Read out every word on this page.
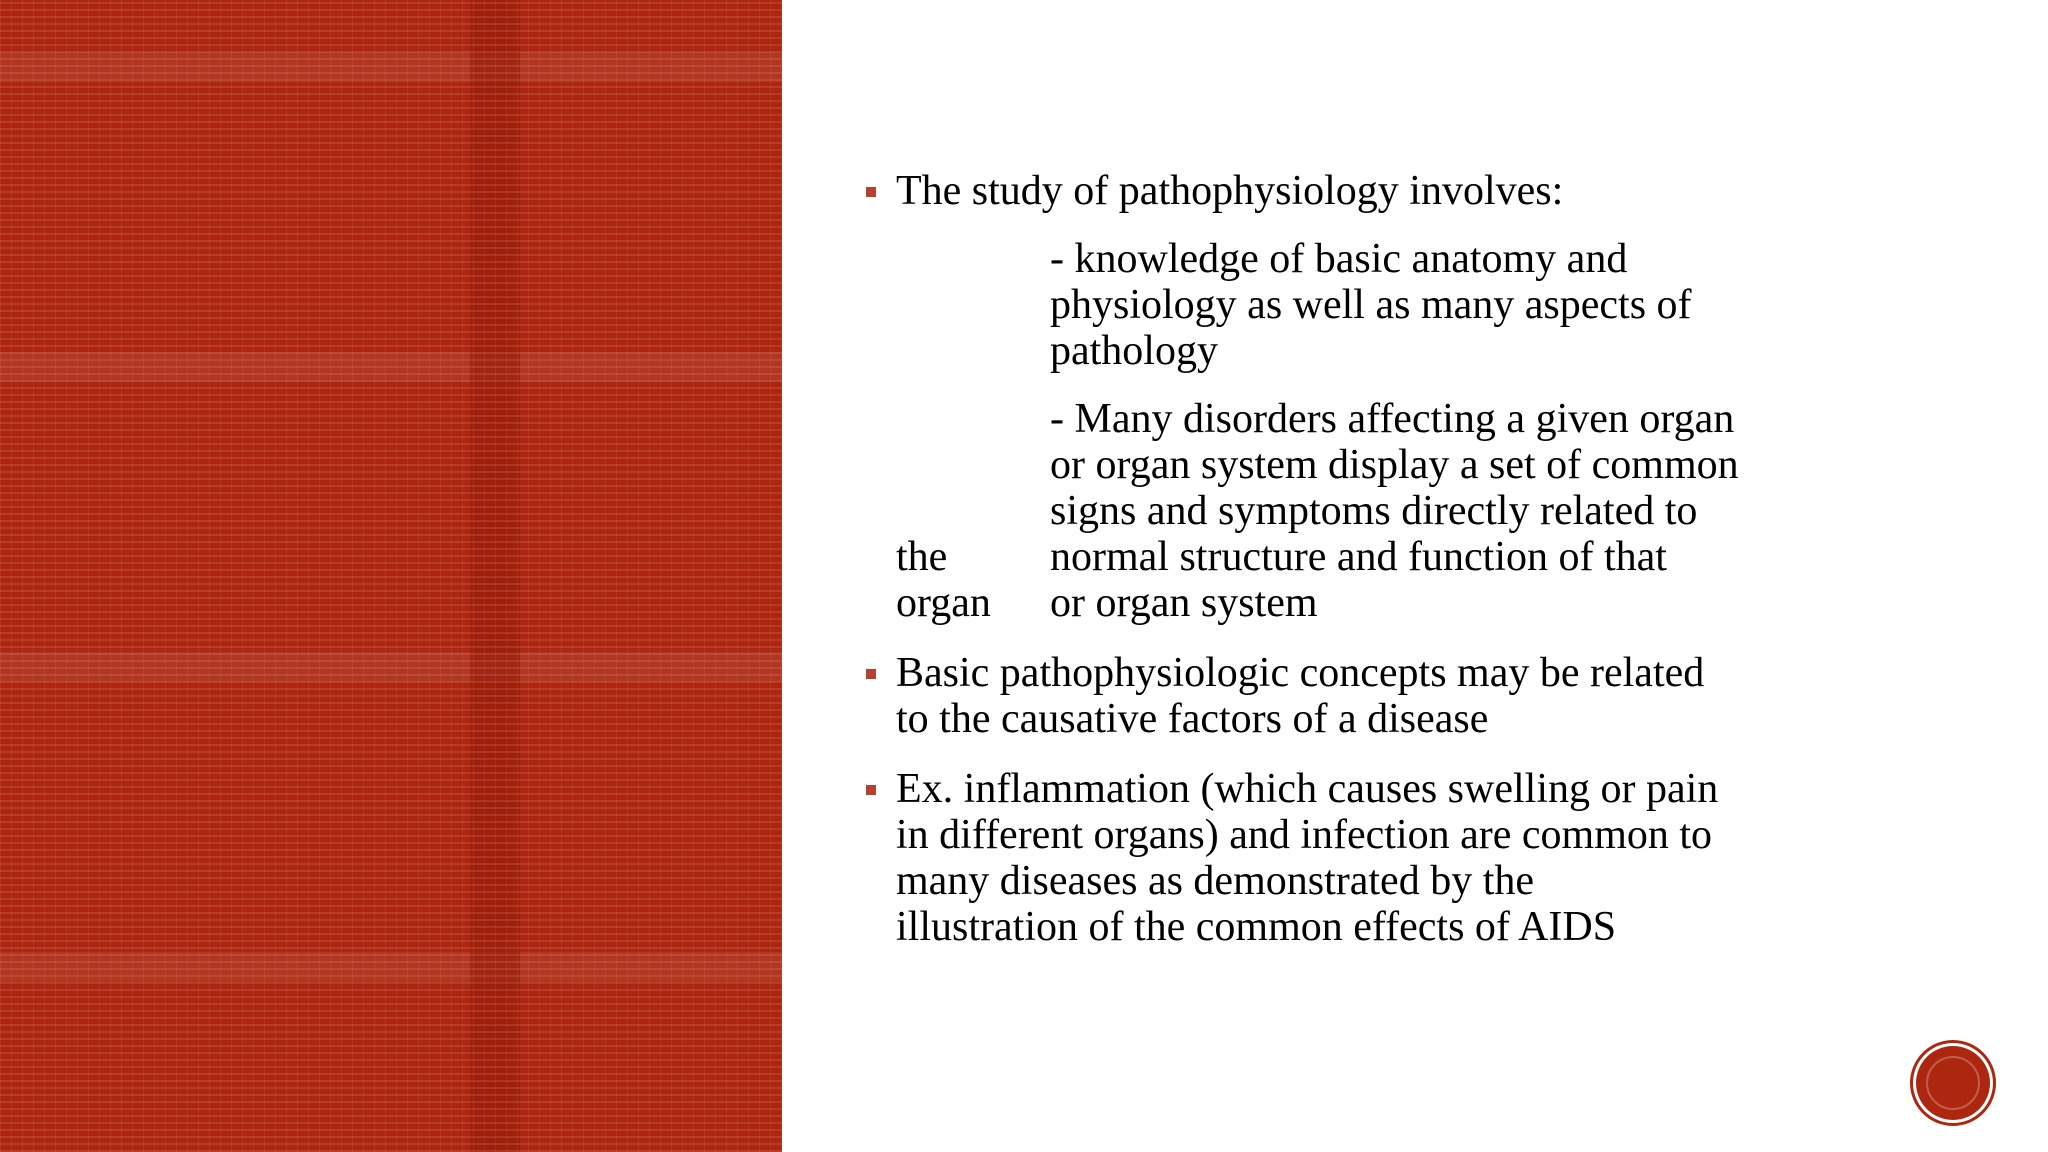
The study of pathophysiology involves:
- knowledge of basic anatomy and
physiology as well as many aspects of
pathology
- Many disorders affecting a given organ
or organ system display a set of common
signs and symptoms directly related to
the normal structure and function of that
organ or organ system
Basic pathophysiologic concepts may be related
to the causative factors of a disease
Ex. inflammation (which causes swelling or pain
in different organs) and infection are common to
many diseases as demonstrated by the
illustration of the common effects of AIDS
